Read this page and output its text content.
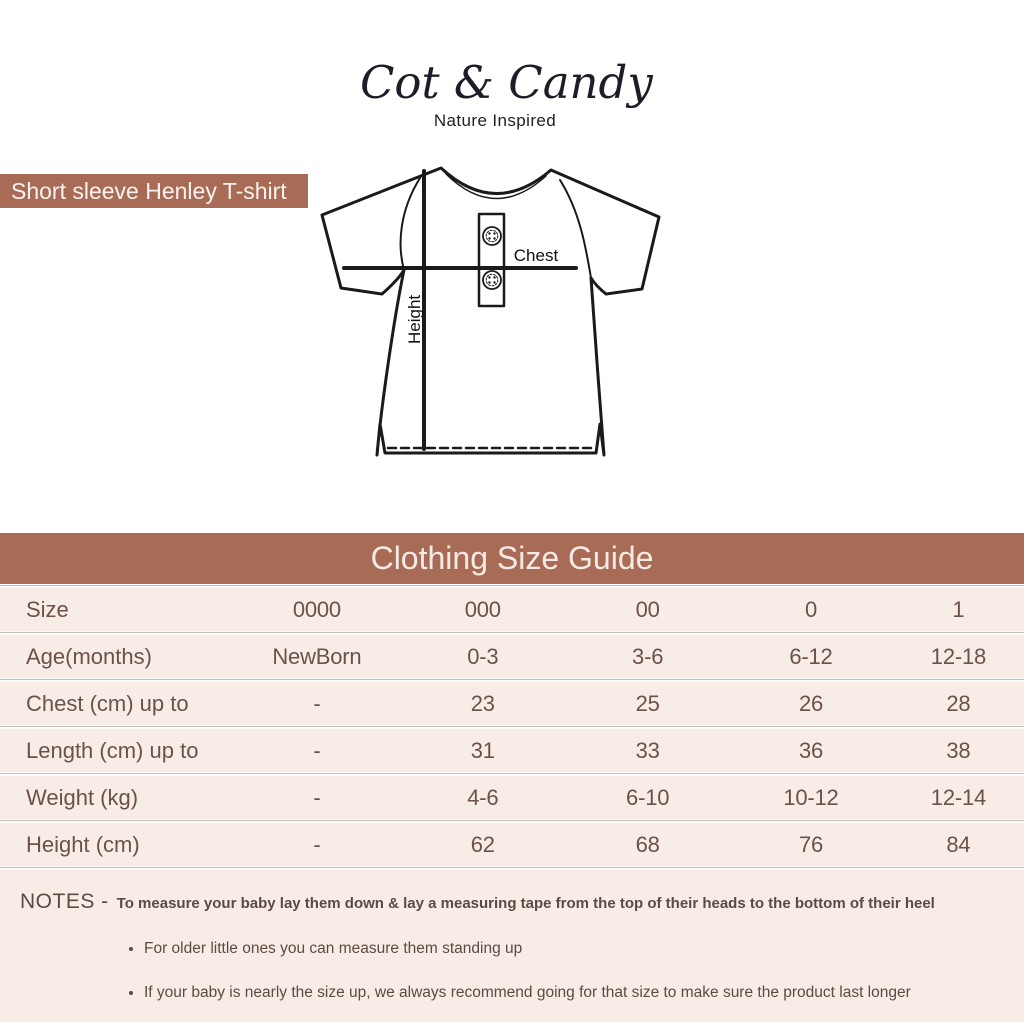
Cot & Candy
Nature Inspired
Short sleeve Henley T-shirt
Chest
Height
Clothing Size Guide
Size	0000	000	00	0	1
Age(months)	NewBorn	0-3	3-6	6-12	12-18
Chest (cm) up to	-	23	25	26	28
Length (cm) up to	-	31	33	36	38
Weight (kg)	-	4-6	6-10	10-12	12-14
Height (cm)	-	62	68	76	84
NOTES - To measure your baby lay them down & lay a measuring tape from the top of their heads to the bottom of their heel
• For older little ones you can measure them standing up
• If your baby is nearly the size up, we always recommend going for that size to make sure the product last longer
